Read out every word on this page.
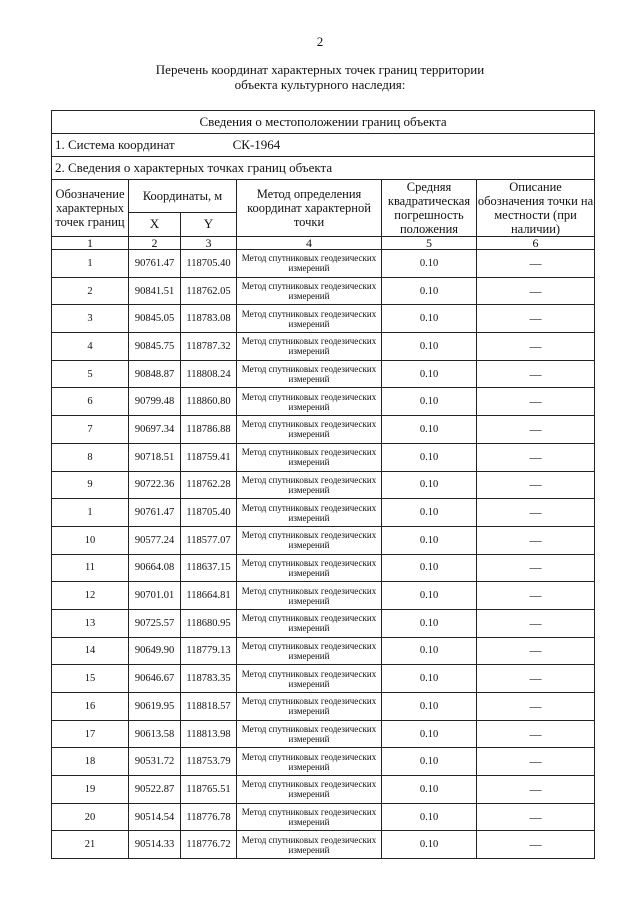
2
Перечень координат характерных точек границ территории
объекта культурного наследия:
Сведения о местоположении границ объекта					
1. Система координат СК-1964					
2. Сведения о характерных точках границ объекта					
Обозначение характерных точек границ	Координаты, м		Метод определения координат характерной точки	Средняя квадратическая погрешность положения	Описание обозначения точки на местности (при наличии)
	X	Y			
1	2	3	4	5	6
1	90761.47	118705.40	Метод спутниковых геодезических измерений	0.10	—
2	90841.51	118762.05	Метод спутниковых геодезических измерений	0.10	—
3	90845.05	118783.08	Метод спутниковых геодезических измерений	0.10	—
4	90845.75	118787.32	Метод спутниковых геодезических измерений	0.10	—
5	90848.87	118808.24	Метод спутниковых геодезических измерений	0.10	—
6	90799.48	118860.80	Метод спутниковых геодезических измерений	0.10	—
7	90697.34	118786.88	Метод спутниковых геодезических измерений	0.10	—
8	90718.51	118759.41	Метод спутниковых геодезических измерений	0.10	—
9	90722.36	118762.28	Метод спутниковых геодезических измерений	0.10	—
1	90761.47	118705.40	Метод спутниковых геодезических измерений	0.10	—
10	90577.24	118577.07	Метод спутниковых геодезических измерений	0.10	—
11	90664.08	118637.15	Метод спутниковых геодезических измерений	0.10	—
12	90701.01	118664.81	Метод спутниковых геодезических измерений	0.10	—
13	90725.57	118680.95	Метод спутниковых геодезических измерений	0.10	—
14	90649.90	118779.13	Метод спутниковых геодезических измерений	0.10	—
15	90646.67	118783.35	Метод спутниковых геодезических измерений	0.10	—
16	90619.95	118818.57	Метод спутниковых геодезических измерений	0.10	—
17	90613.58	118813.98	Метод спутниковых геодезических измерений	0.10	—
18	90531.72	118753.79	Метод спутниковых геодезических измерений	0.10	—
19	90522.87	118765.51	Метод спутниковых геодезических измерений	0.10	—
20	90514.54	118776.78	Метод спутниковых геодезических измерений	0.10	—
21	90514.33	118776.72	Метод спутниковых геодезических измерений	0.10	—
